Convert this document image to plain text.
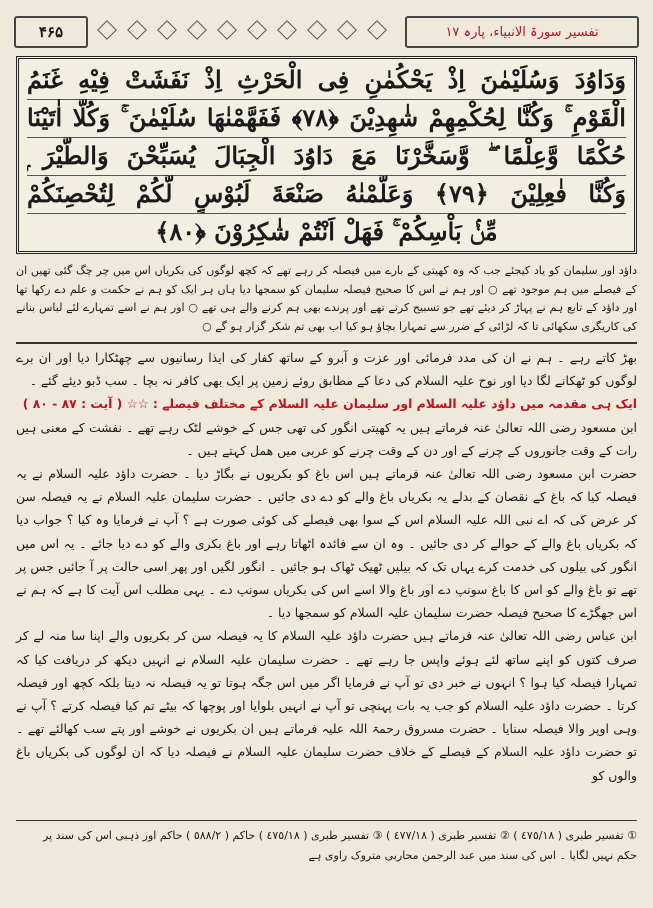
۴۶۵	تفسیر سورۃ الانبیاء، پارہ ١٧
وَدَاوُدَ وَسُلَيْمٰنَ اِذْ يَحْكُمٰنِ فِى الْحَرْثِ اِذْ نَفَشَتْ فِيْهِ غَنَمُ
الْقَوْمِ ۚ وَكُنَّا لِحُكْمِهِمْ شٰهِدِيْنَ ﴿٧٨﴾ فَفَهَّمْنٰهَا سُلَيْمٰنَ ۚ وَكُلًّا اٰتَيْنَا
حُكْمًا وَّعِلْمًا ۖ وَّسَخَّرْنَا مَعَ دَاوُدَ الْجِبَالَ يُسَبِّحْنَ وَالطَّيْرَ ۭ
وَكُنَّا فٰعِلِيْنَ ﴿٧٩﴾ وَعَلَّمْنٰهُ صَنْعَةَ لَبُوْسٍ لَّكُمْ لِتُحْصِنَكُمْ
مِّنْۢ بَاْسِكُمْ ۚ فَهَلْ اَنْتُمْ شٰكِرُوْنَ ﴿٨٠﴾
داؤد اور سلیمان کو یاد کیجئے جب کہ وہ کھیتی کے بارے میں فیصلہ کر رہے تھے کہ کچھ لوگوں کی بکریاں اس میں چر چگ گئی تھیں ان کے فیصلے میں ہم موجود تھے ○ اور ہم نے اس کا صحیح فیصلہ سلیمان کو سمجھا دیا ہاں ہر ایک کو ہم نے حکمت و علم دے رکھا تھا اور داؤد کے تابع ہم نے پہاڑ کر دیئے تھے جو تسبیح کرتے تھے اور پرندے بھی ہم کرنے والے ہی تھے ○ اور ہم نے اسے تمہارے لئے لباس بنانے کی کاریگری سکھائی تا کہ لڑائی کے ضرر سے تمہارا بچاؤ ہو کیا اب بھی تم شکر گزار ہو گے ○

بھڑ کاتے رہے ۔ ہم نے ان کی مدد فرمائی اور عزت و آبرو کے ساتھ کفار کی ایذا رسانیوں سے چھٹکارا دیا اور ان برے لوگوں کو ٹھکانے لگا دیا اور نوح علیہ السلام کی دعا کے مطابق روئے زمین پر ایک بھی کافر نہ بچا ۔ سب ڈبو دیئے گئے ۔

ایک ہی مقدمہ میں داؤد علیہ السلام اور سلیمان علیہ السلام کے مختلف فیصلے : ☆☆ ( آیت : ٨٧ - ٨٠ )

ابن مسعود رضی اللہ تعالیٰ عنہ فرماتے ہیں یہ کھیتی انگور کی تھی جس کے خوشے لٹک رہے تھے ۔ نفشت کے معنی ہیں رات کے وقت جانوروں کے چرنے کے اور دن کے وقت چرنے کو عربی میں ھمل کہتے ہیں ۔

حضرت ابن مسعود رضی اللہ تعالیٰ عنہ فرماتے ہیں اس باغ کو بکریوں نے بگاڑ دیا ۔ حضرت داؤد علیہ السلام نے یہ فیصلہ کیا کہ باغ کے نقصان کے بدلے یہ بکریاں باغ والے کو دے دی جائیں ۔ حضرت سلیمان علیہ السلام نے یہ فیصلہ سن کر عرض کی کہ اے نبی اللہ علیہ السلام اس کے سوا بھی فیصلے کی کوئی صورت ہے ؟ آپ نے فرمایا وہ کیا ؟ جواب دیا کہ بکریاں باغ والے کے حوالے کر دی جائیں ۔ وہ ان سے فائدہ اٹھاتا رہے اور باغ بکری والے کو دے دیا جائے ۔ یہ اس میں انگور کی بیلوں کی خدمت کرے یہاں تک کہ بیلیں ٹھیک ٹھاک ہو جائیں ۔ انگور لگیں اور پھر اسی حالت پر آ جائیں جس پر تھے تو باغ والے کو اس کا باغ سونپ دے اور باغ والا اسے اس کی بکریاں سونپ دے ۔ یہی مطلب اس آیت کا ہے کہ ہم نے اس جھگڑے کا صحیح فیصلہ حضرت سلیمان علیہ السلام کو سمجھا دیا ۔

ابن عباس رضی اللہ تعالیٰ عنہ فرماتے ہیں حضرت داؤد علیہ السلام کا یہ فیصلہ سن کر بکریوں والے اپنا سا منہ لے کر صرف کتوں کو اپنے ساتھ لئے ہوئے واپس جا رہے تھے ۔ حضرت سلیمان علیہ السلام نے انہیں دیکھ کر دریافت کیا کہ تمہارا فیصلہ کیا ہوا ؟ انہوں نے خبر دی تو آپ نے فرمایا اگر میں اس جگہ ہوتا تو یہ فیصلہ نہ دیتا بلکہ کچھ اور فیصلہ کرتا ۔ حضرت داؤد علیہ السلام کو جب یہ بات پہنچی تو آپ نے انہیں بلوایا اور پوچھا کہ بیٹے تم کیا فیصلہ کرتے ؟ آپ نے وہی اوپر والا فیصلہ سنایا ۔ حضرت مسروق رحمۃ اللہ علیہ فرماتے ہیں ان بکریوں نے خوشے اور پتے سب کھالئے تھے ۔ تو حضرت داؤد علیہ السلام کے فیصلے کے خلاف حضرت سلیمان علیہ السلام نے فیصلہ دیا کہ ان لوگوں کی بکریاں باغ والوں کو

① تفسیر طبری ( ٤٧٥/١٨ ) ② تفسیر طبری ( ٤٧٧/١٨ ) ③ تفسیر طبری ( ٤٧٥/١٨ ) حاکم ( ٥٨٨/٢ ) حاکم اور ذہبی اس کی سند پر
حکم نہیں لگایا ۔ اس کی سند میں عبد الرحمن محاربی متروک راوی ہے
